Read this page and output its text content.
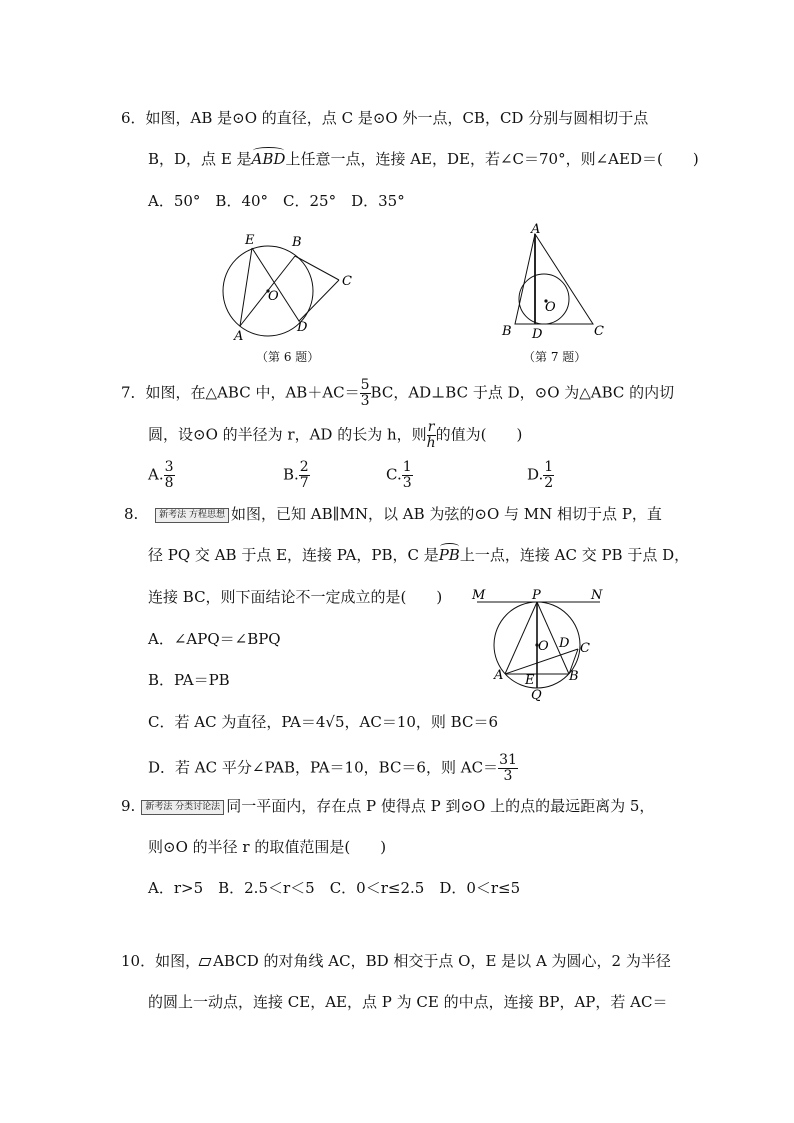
6．如图，AB 是⊙O 的直径，点 C 是⊙O 外一点，CB，CD 分别与圆相切于点
B，D，点 E 是ABD上任意一点，连接 AE，DE，若∠C＝70°，则∠AED＝(　　)
A．50°　B．40°　C．25°　D．35°
E	B
C
O
A
D
（第 6 题）
A
O
B D	C
（第 7 题）
7．如图，在△ABC 中，$AB+AC= \frac{5}{3}$ BC，AD⊥BC 于点 D，⊙O 为△ABC 的内切
圆，设⊙O 的半径为 r，AD 的长为 h，则 $\frac{r}{h}$ 的值为(　　)
A. $\frac{3}{8}$	B. $\frac{2}{7}$	C. $\frac{1}{3}$	D. $\frac{1}{2}$
8. 新考法 方程思想 如图，已知 AB∥MN，以 AB 为弦的⊙O 与 MN 相切于点 P，直
径 PQ 交 AB 于点 E，连接 PA，PB，C 是PB上一点，连接 AC 交 PB 于点 D，
连接 BC，则下面结论不一定成立的是(　　)
A．∠APQ＝∠BPQ
B．PA＝PB
C．若 AC 为直径，PA＝4√5，AC＝10，则 BC＝6
D．若 AC 平分∠PAB，PA＝10，BC＝6，则 $AC= \frac{31}{3}$
M	P	N
O D C
A E	B
Q
9. 新考法 分类讨论法 同一平面内，存在点 P 使得点 P 到⊙O 上的点的最远距离为 5，
则⊙O 的半径 r 的取值范围是(　　)
A．r>5　B．2.5＜r＜5　C．0＜r≤2.5　D．0＜r≤5
10．如图， ABCD 的对角线 AC，BD 相交于点 O，E 是以 A 为圆心，2 为半径
的圆上一动点，连接 CE，AE，点 P 为 CE 的中点，连接 BP，AP，若 AC＝
